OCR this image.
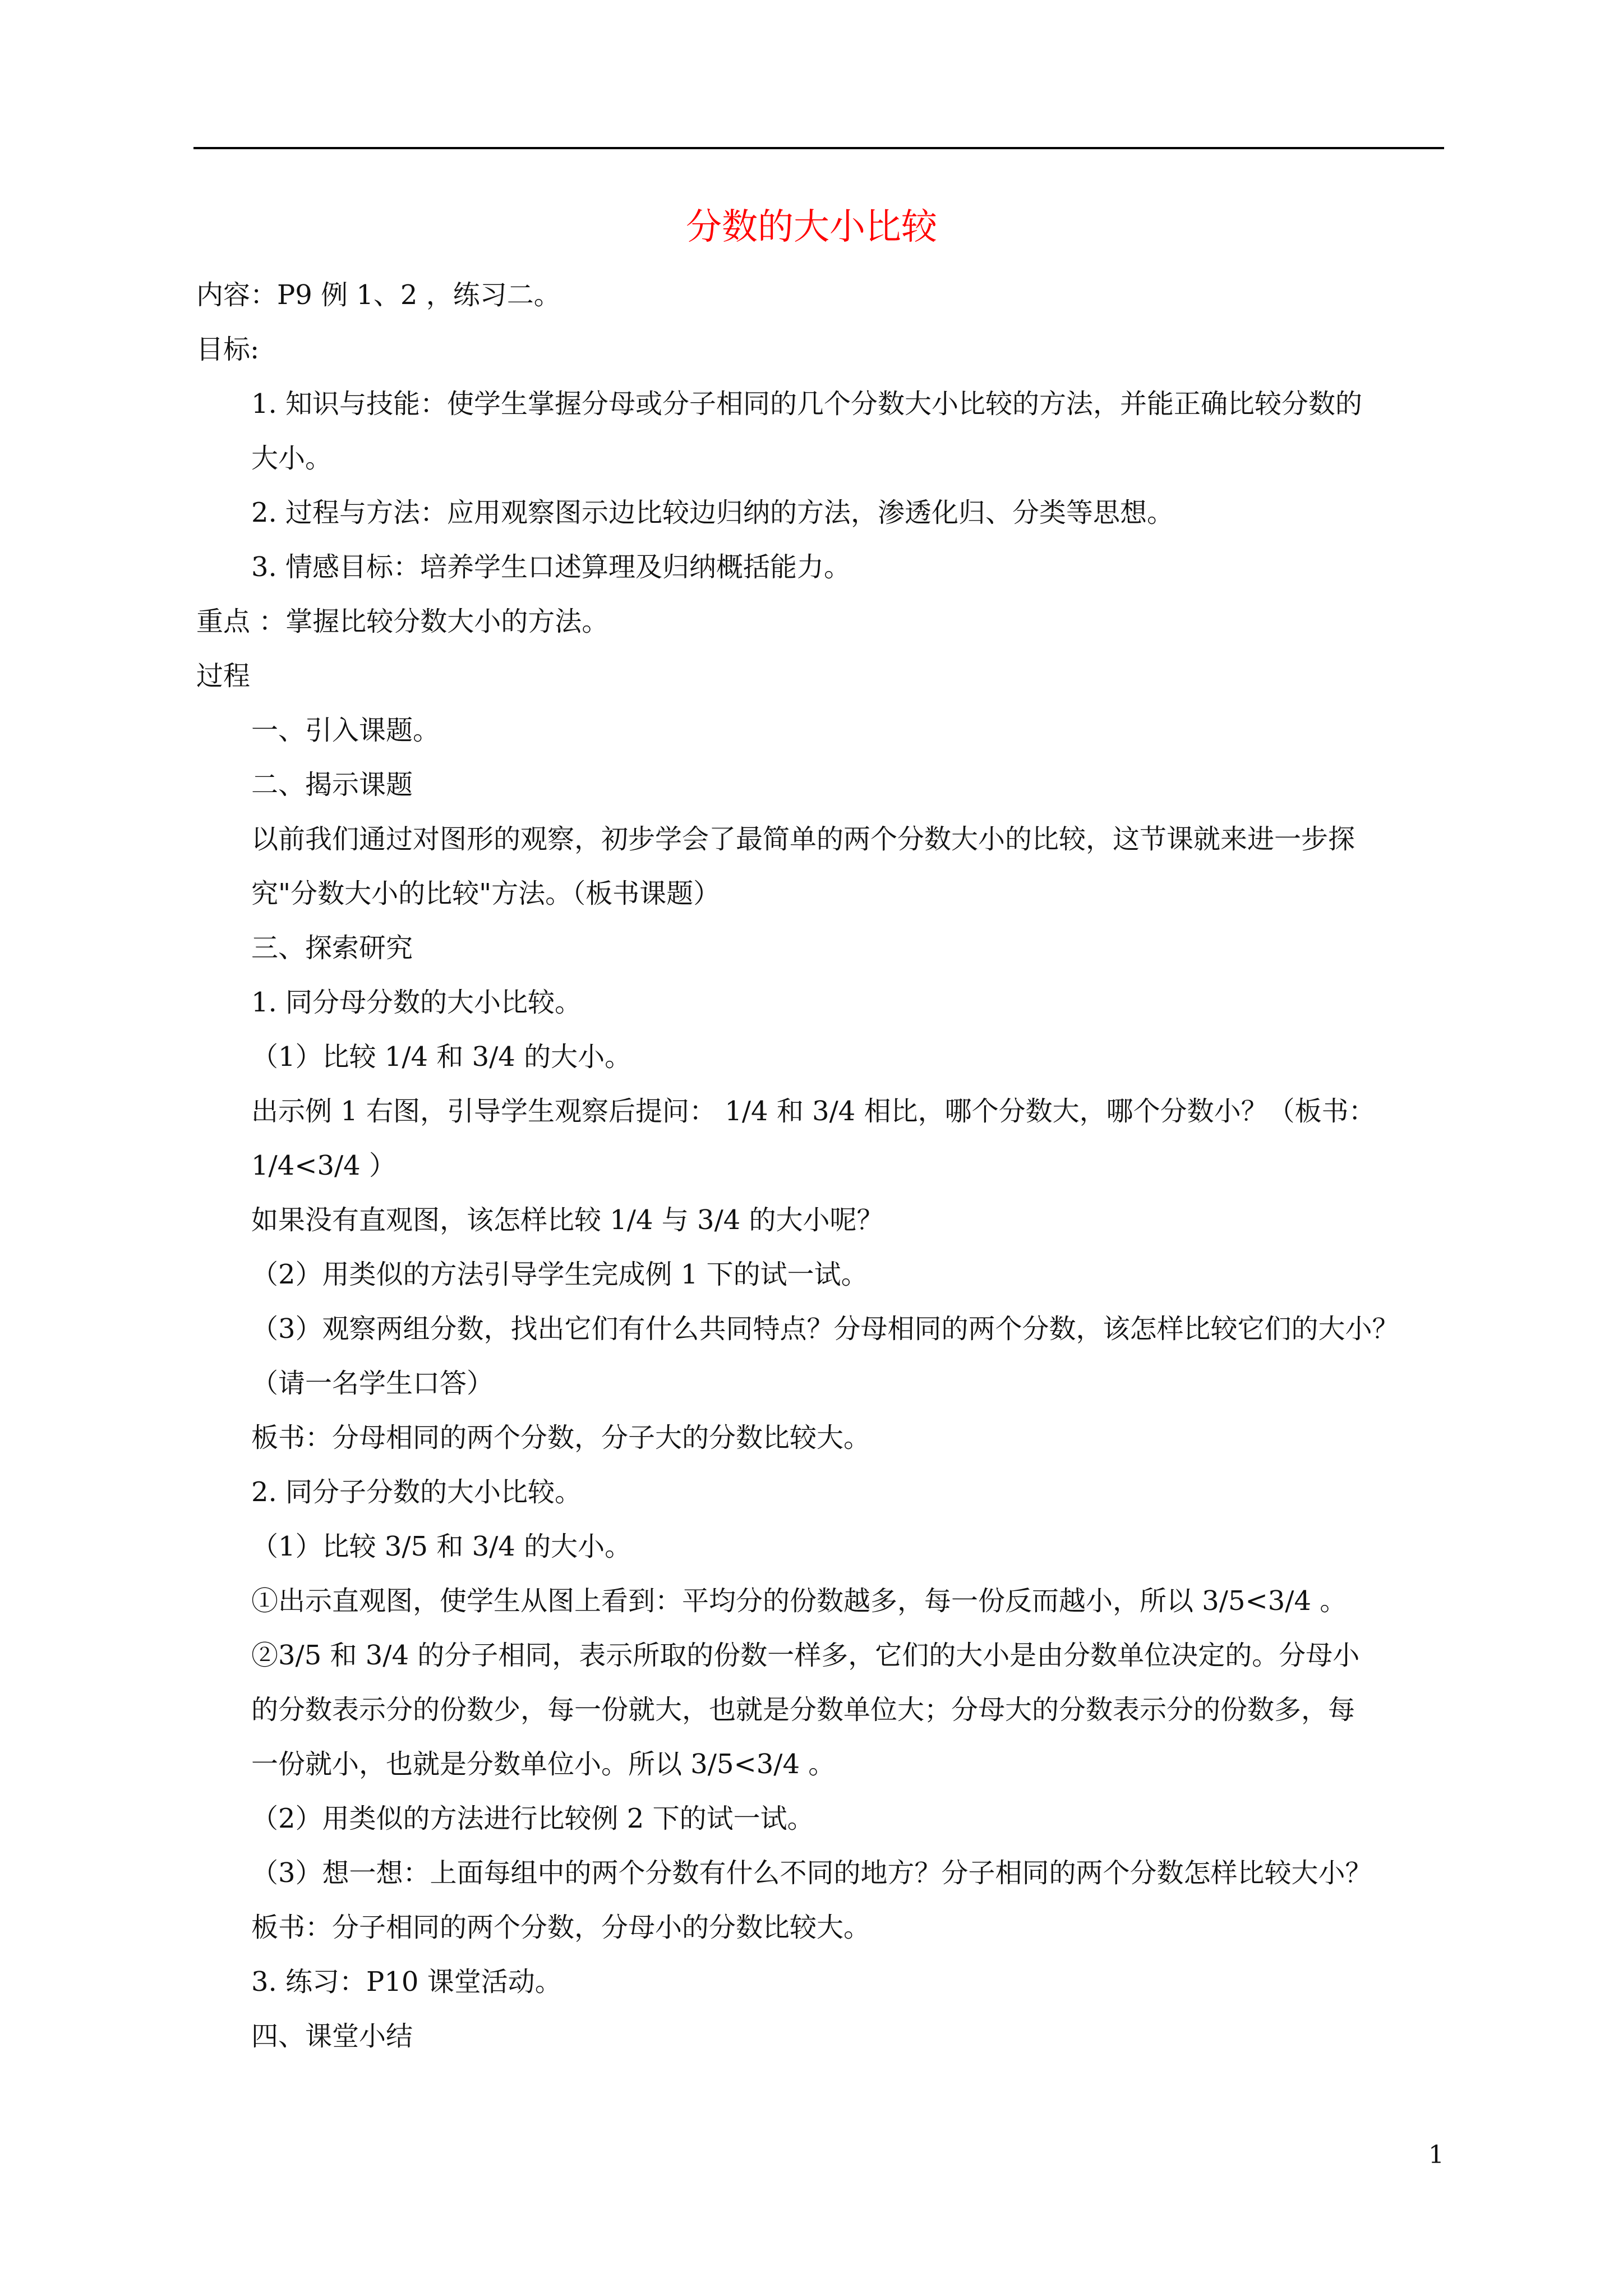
分数的大小比较

内容：P9 例 1、2 ，练习二。

目标:

1. 知识与技能：使学生掌握分母或分子相同的几个分数大小比较的方法，并能正确比较分数的

大小。

2. 过程与方法：应用观察图示边比较边归纳的方法，渗透化归、分类等思想。

3. 情感目标：培养学生口述算理及归纳概括能力。

重点 ：掌握比较分数大小的方法。

过程

一、引入课题。

二、揭示课题

以前我们通过对图形的观察，初步学会了最简单的两个分数大小的比较，这节课就来进一步探

究"分数大小的比较"方法。（板书课题）

三、探索研究

1. 同分母分数的大小比较。

（1）比较 1/4 和 3/4 的大小。

出示例 1 右图，引导学生观察后提问： 1/4 和 3/4 相比，哪个分数大，哪个分数小？（板书：

1/4<3/4 ）

如果没有直观图，该怎样比较 1/4 与 3/4 的大小呢？

（2）用类似的方法引导学生完成例 1 下的试一试。

（3）观察两组分数，找出它们有什么共同特点？分母相同的两个分数，该怎样比较它们的大小？

（请一名学生口答）

板书：分母相同的两个分数，分子大的分数比较大。

2. 同分子分数的大小比较。

（1）比较 3/5 和 3/4 的大小。

①出示直观图，使学生从图上看到：平均分的份数越多，每一份反而越小，所以 3/5<3/4 。

②3/5 和 3/4 的分子相同，表示所取的份数一样多，它们的大小是由分数单位决定的。分母小

的分数表示分的份数少，每一份就大，也就是分数单位大；分母大的分数表示分的份数多，每

一份就小，也就是分数单位小。所以 3/5<3/4 。

（2）用类似的方法进行比较例 2 下的试一试。

（3）想一想：上面每组中的两个分数有什么不同的地方？分子相同的两个分数怎样比较大小？

板书：分子相同的两个分数，分母小的分数比较大。

3. 练习：P10 课堂活动。

四、课堂小结

1
